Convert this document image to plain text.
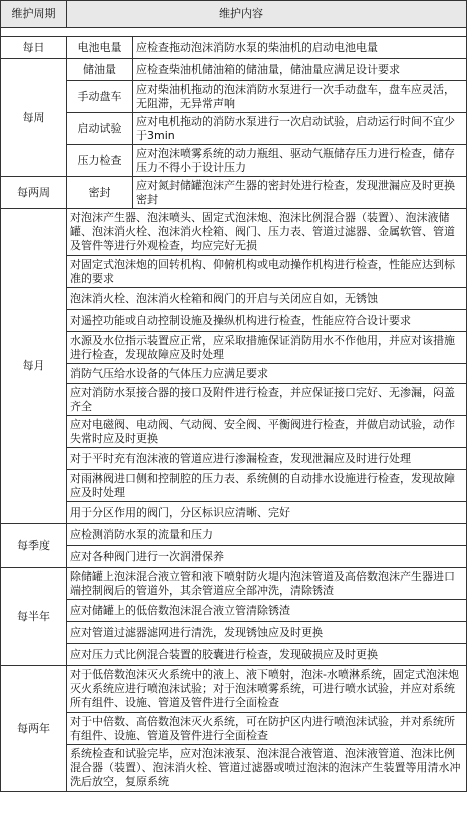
维护周期	维护内容	

每日	电池电量	应检查拖动泡沫消防水泵的柴油机的启动电池电量
每周	储油量	应检查柴油机储油箱的储油量，储油量应满足设计要求
	手动盘车	应对柴油机拖动的泡沫消防水泵进行一次手动盘车，盘车应灵活，无阻滞，无异常声响
	启动试验	应对电机拖动的消防水泵进行一次启动试验，启动运行时间不宜少于3min
	压力检查	应对泡沫喷雾系统的动力瓶组、驱动气瓶储存压力进行检查，储存压力不得小于设计压力
每两周	密封	应对氮封储罐泡沫产生器的密封处进行检查，发现泄漏应及时更换密封
每月	对泡沫产生器、泡沫喷头、固定式泡沫炮、泡沫比例混合器（装置）、泡沫液储罐、泡沫消火栓、泡沫消火栓箱、阀门、压力表、管道过滤器、金属软管、管道及管件等进行外观检查，均应完好无损	
	对固定式泡沫炮的回转机构、仰俯机构或电动操作机构进行检查，性能应达到标准的要求	
	泡沫消火栓、泡沫消火栓箱和阀门的开启与关闭应自如，无锈蚀	
	对遥控功能或自动控制设施及操纵机构进行检查，性能应符合设计要求	
	水源及水位指示装置应正常，应采取措施保证消防用水不作他用，并应对该措施进行检查，发现故障应及时处理	
	消防气压给水设备的气体压力应满足要求	
	应对消防水泵接合器的接口及附件进行检查，并应保证接口完好、无渗漏，闷盖齐全	
	应对电磁阀、电动阀、气动阀、安全阀、平衡阀进行检查，并做启动试验，动作失常时应及时更换	
	对于平时充有泡沫液的管道应进行渗漏检查，发现泄漏应及时进行处理	
	对雨淋阀进口侧和控制腔的压力表、系统侧的自动排水设施进行检查，发现故障应及时处理	
	用于分区作用的阀门，分区标识应清晰、完好	
每季度	应检测消防水泵的流量和压力	
	应对各种阀门进行一次润滑保养	
每半年	除储罐上泡沫混合液立管和液下喷射防火堤内泡沫管道及高倍数泡沫产生器进口端控制阀后的管道外，其余管道应全部冲洗，清除锈渣	
	应对储罐上的低倍数泡沫混合液立管清除锈渣	
	应对管道过滤器滤网进行清洗，发现锈蚀应及时更换	
	应对压力式比例混合装置的胶囊进行检查，发现破损应及时更换	
每两年	对于低倍数泡沫灭火系统中的液上、液下喷射，泡沫-水喷淋系统，固定式泡沫炮灭火系统应进行喷泡沫试验；对于泡沫喷雾系统，可进行喷水试验，并应对系统所有组件、设施、管道及管件进行全面检查	
	对于中倍数、高倍数泡沫灭火系统，可在防护区内进行喷泡沫试验，并对系统所有组件、设施、管道及管件进行全面检查	
	系统检查和试验完毕，应对泡沫液泵、泡沫混合液管道、泡沫液管道、泡沫比例混合器（装置）、泡沫消火栓、管道过滤器或喷过泡沫的泡沫产生装置等用清水冲洗后放空，复原系统	
